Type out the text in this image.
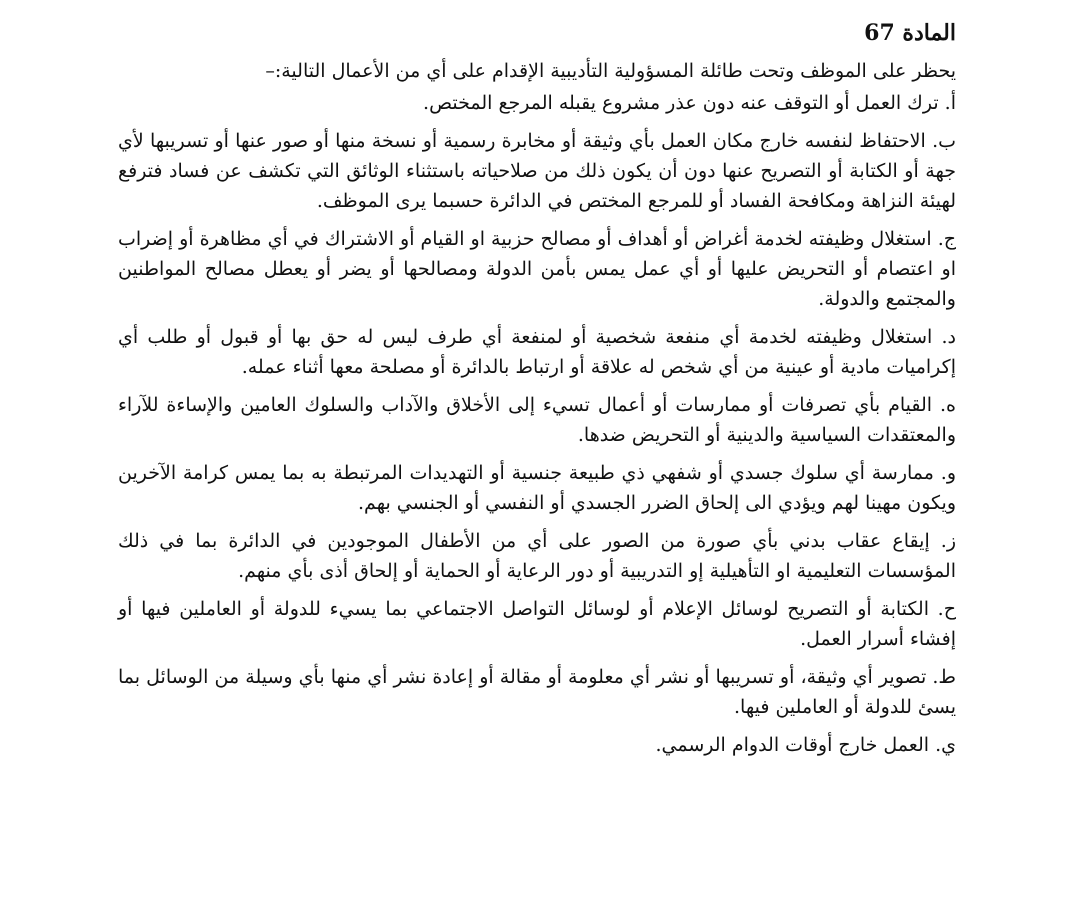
المادة 67
يحظر على الموظف وتحت طائلة المسؤولية التأديبية الإقدام على أي من الأعمال التالية:–
أ. ترك العمل أو التوقف عنه دون عذر مشروع يقبله المرجع المختص.
ب. الاحتفاظ لنفسه خارج مكان العمل بأي وثيقة أو مخابرة رسمية أو نسخة منها أو صور عنها أو تسريبها لأي جهة أو الكتابة أو التصريح عنها دون أن يكون ذلك من صلاحياته باستثناء الوثائق التي تكشف عن فساد فترفع لهيئة النزاهة ومكافحة الفساد أو للمرجع المختص في الدائرة حسبما يرى الموظف.
ج. استغلال وظيفته لخدمة أغراض أو أهداف أو مصالح حزبية او القيام أو الاشتراك في أي مظاهرة أو إضراب او اعتصام أو التحريض عليها أو أي عمل يمس بأمن الدولة ومصالحها أو يضر أو يعطل مصالح المواطنين والمجتمع والدولة.
د. استغلال وظيفته لخدمة أي منفعة شخصية أو لمنفعة أي طرف ليس له حق بها أو قبول أو طلب أي إكراميات مادية أو عينية من أي شخص له علاقة أو ارتباط بالدائرة أو مصلحة معها أثناء عمله.
ه. القيام بأي تصرفات أو ممارسات أو أعمال تسيء إلى الأخلاق والآداب والسلوك العامين والإساءة للآراء والمعتقدات السياسية والدينية أو التحريض ضدها.
و. ممارسة أي سلوك جسدي أو شفهي ذي طبيعة جنسية أو التهديدات المرتبطة به بما يمس كرامة الآخرين ويكون مهينا لهم ويؤدي الى إلحاق الضرر الجسدي أو النفسي أو الجنسي بهم.
ز. إيقاع عقاب بدني بأي صورة من الصور على أي من الأطفال الموجودين في الدائرة بما في ذلك المؤسسات التعليمية او التأهيلية إو التدريبية أو دور الرعاية أو الحماية أو إلحاق أذى بأي منهم.
ح. الكتابة أو التصريح لوسائل الإعلام أو لوسائل التواصل الاجتماعي بما يسيء للدولة أو العاملين فيها أو إفشاء أسرار العمل.
ط. تصوير أي وثيقة، أو تسريبها أو نشر أي معلومة أو مقالة أو إعادة نشر أي منها بأي وسيلة من الوسائل بما يسئ للدولة أو العاملين فيها.
ي. العمل خارج أوقات الدوام الرسمي.
